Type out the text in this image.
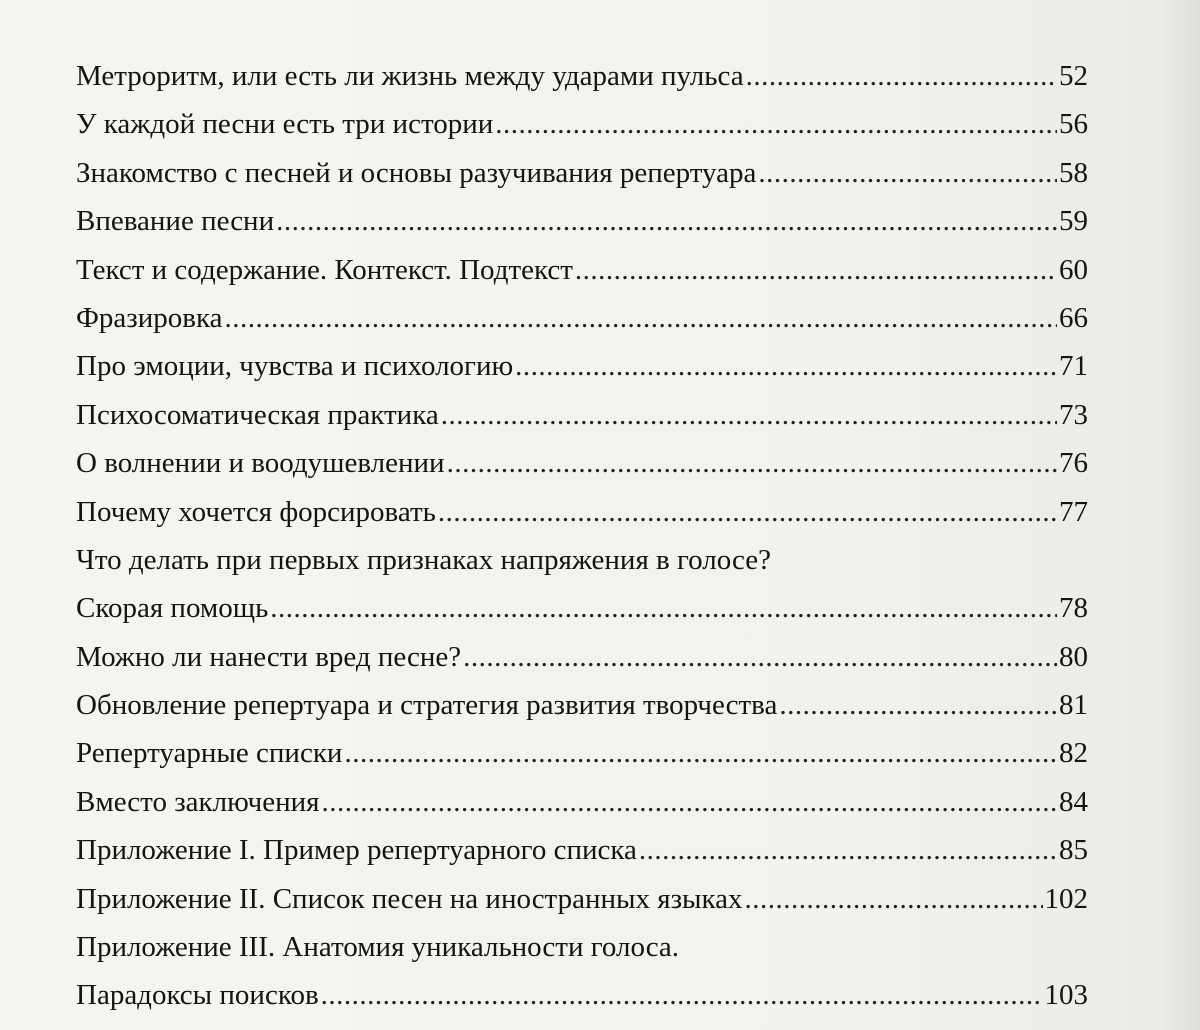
Метроритм, или есть ли жизнь между ударами пульса .....	52
У каждой песни есть три истории .....	56
Знакомство с песней и основы разучивания репертуара .....	58
Впевание песни .....	59
Текст и содержание. Контекст. Подтекст .....	60
Фразировка .....	66
Про эмоции, чувства и психологию .....	71
Психосоматическая практика .....	73
О волнении и воодушевлении .....	76
Почему хочется форсировать .....	77
Что делать при первых признаках напряжения в голосе?
Скорая помощь .....	78
Можно ли нанести вред песне? .....	80
Обновление репертуара и стратегия развития творчества .....	81
Репертуарные списки .....	82
Вместо заключения .....	84
Приложение I. Пример репертуарного списка .....	85
Приложение II. Список песен на иностранных языках .....	102
Приложение III. Анатомия уникальности голоса.
Парадоксы поисков .....	103
